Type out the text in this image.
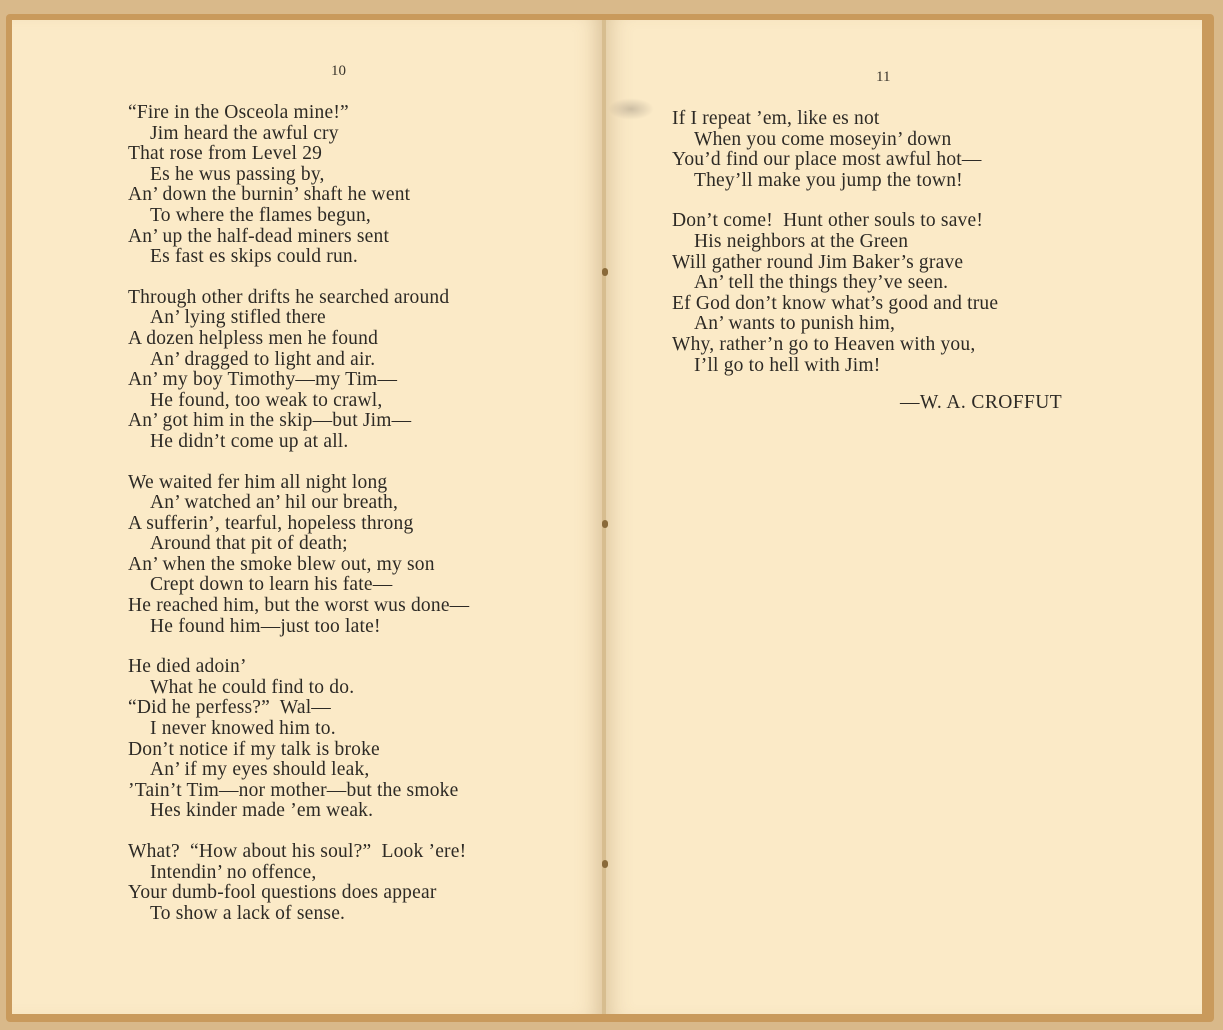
10	11
“Fire in the Osceola mine!”
Jim heard the awful cry
That rose from Level 29
Es he wus passing by,
An’ down the burnin’ shaft he went
To where the flames begun,
An’ up the half-dead miners sent
Es fast es skips could run.
Through other drifts he searched around
An’ lying stifled there
A dozen helpless men he found
An’ dragged to light and air.
An’ my boy Timothy—my Tim—
He found, too weak to crawl,
An’ got him in the skip—but Jim—
He didn’t come up at all.
We waited fer him all night long
An’ watched an’ hil our breath,
A sufferin’, tearful, hopeless throng
Around that pit of death;
An’ when the smoke blew out, my son
Crept down to learn his fate—
He reached him, but the worst wus done—
He found him—just too late!
He died adoin’
What he could find to do.
“Did he perfess?”  Wal—
I never knowed him to.
Don’t notice if my talk is broke
An’ if my eyes should leak,
’Tain’t Tim—nor mother—but the smoke
Hes kinder made ’em weak.
What?  “How about his soul?”  Look ’ere!
Intendin’ no offence,
Your dumb-fool questions does appear
To show a lack of sense.
If I repeat ’em, like es not
When you come moseyin’ down
You’d find our place most awful hot—
They’ll make you jump the town!
Don’t come!  Hunt other souls to save!
His neighbors at the Green
Will gather round Jim Baker’s grave
An’ tell the things they’ve seen.
Ef God don’t know what’s good and true
An’ wants to punish him,
Why, rather’n go to Heaven with you,
I’ll go to hell with Jim!
—W. A. CROFFUT
